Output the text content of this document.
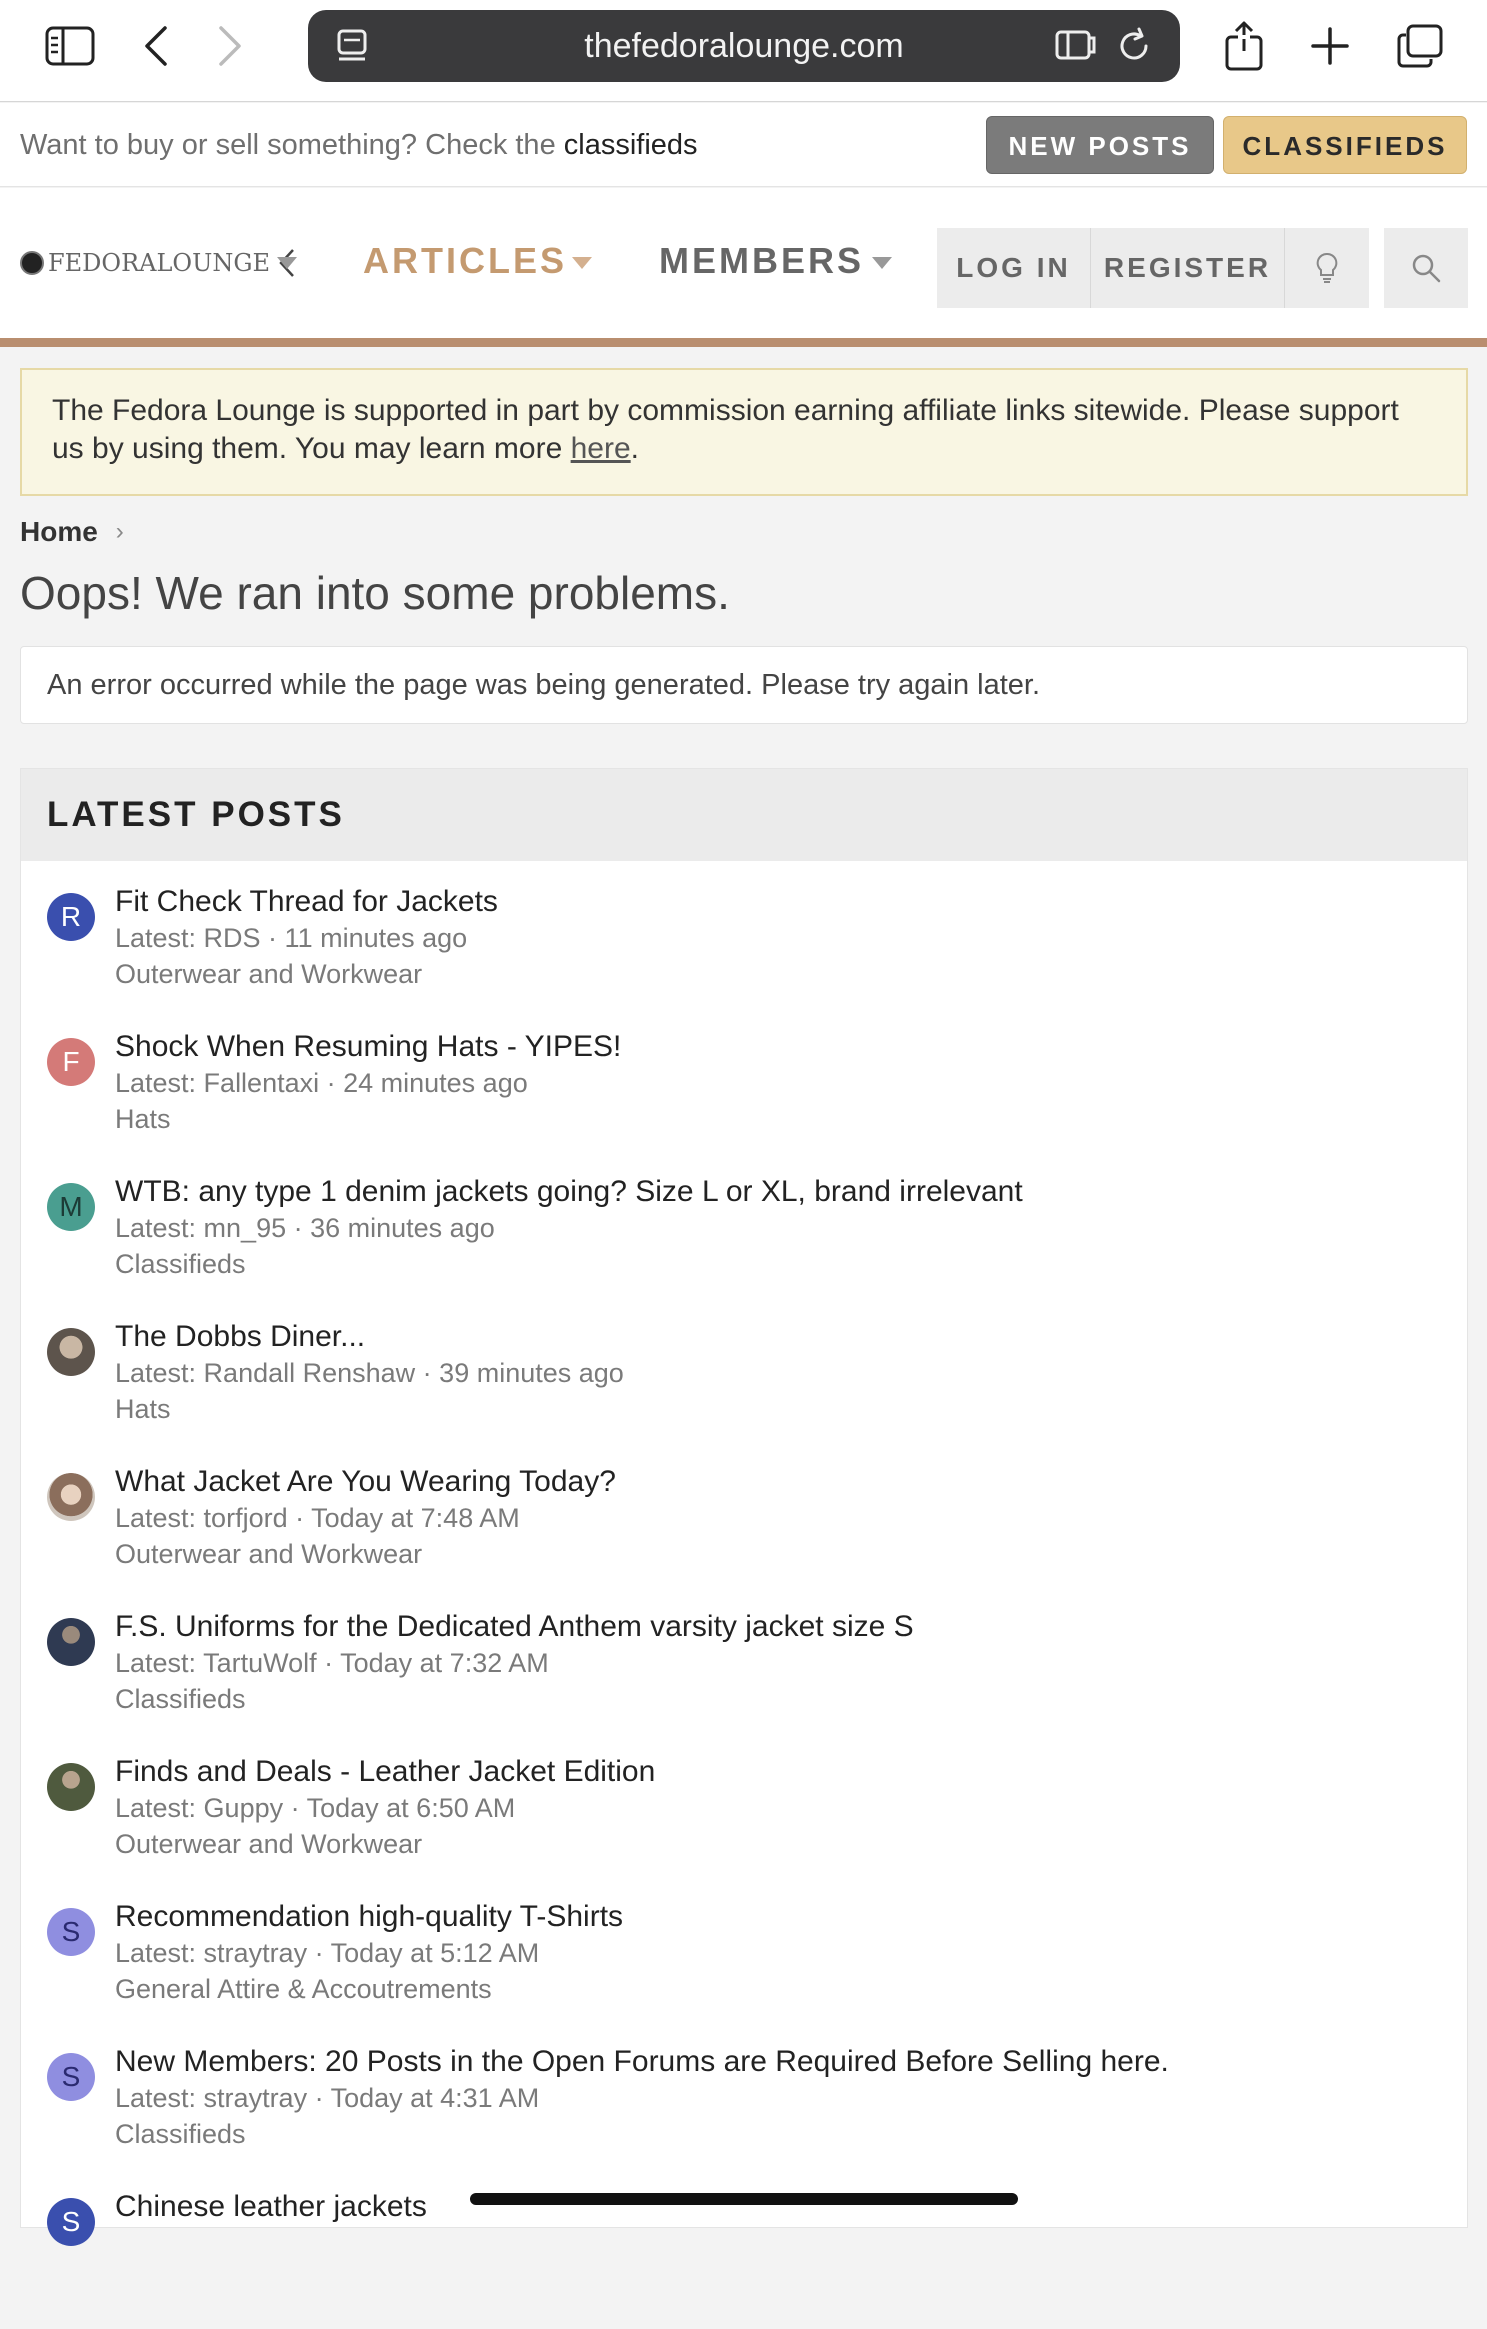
thefedoralounge.com
Want to buy or sell something? Check the classifieds	NEW POSTS	CLASSIFIEDS
FEDORALOUNGE	ARTICLES	MEMBERS	LOG IN	REGISTER
The Fedora Lounge is supported in part by commission earning affiliate links sitewide. Please support us by using them. You may learn more here.
Home ›
Oops! We ran into some problems.
An error occurred while the page was being generated. Please try again later.
LATEST POSTS
R	Fit Check Thread for Jackets
Latest: RDS · 11 minutes ago
Outerwear and Workwear
F	Shock When Resuming Hats - YIPES!
Latest: Fallentaxi · 24 minutes ago
Hats
M	WTB: any type 1 denim jackets going? Size L or XL, brand irrelevant
Latest: mn_95 · 36 minutes ago
Classifieds
The Dobbs Diner...
Latest: Randall Renshaw · 39 minutes ago
Hats
What Jacket Are You Wearing Today?
Latest: torfjord · Today at 7:48 AM
Outerwear and Workwear
F.S. Uniforms for the Dedicated Anthem varsity jacket size S
Latest: TartuWolf · Today at 7:32 AM
Classifieds
Finds and Deals - Leather Jacket Edition
Latest: Guppy · Today at 6:50 AM
Outerwear and Workwear
S	Recommendation high-quality T-Shirts
Latest: straytray · Today at 5:12 AM
General Attire & Accoutrements
S	New Members: 20 Posts in the Open Forums are Required Before Selling here.
Latest: straytray · Today at 4:31 AM
Classifieds
S	Chinese leather jackets
